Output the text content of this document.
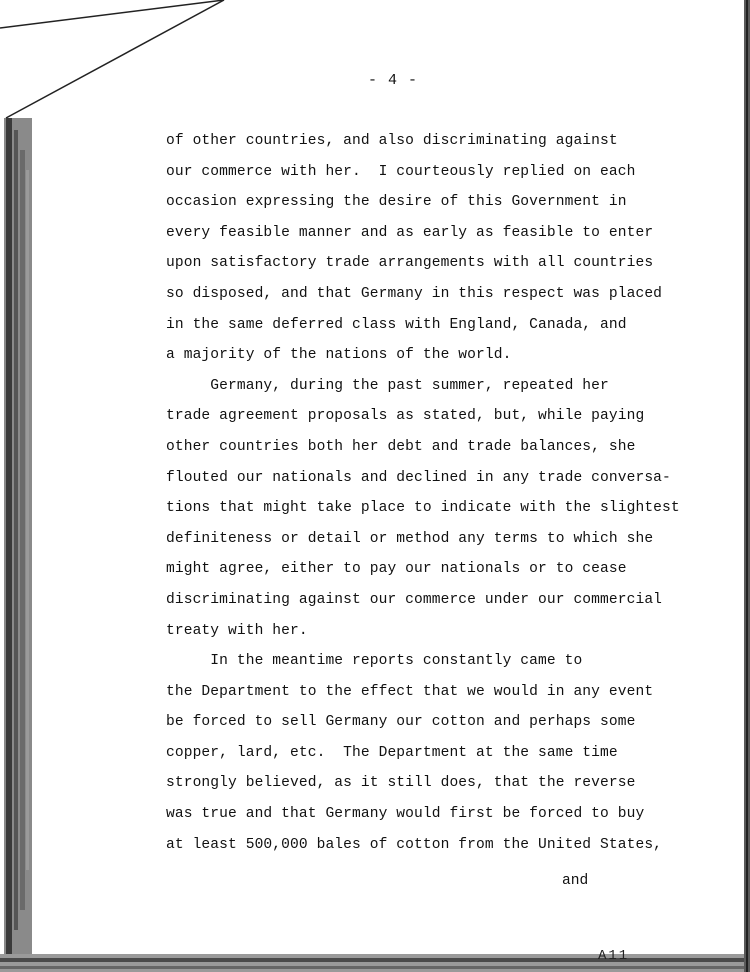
- 4 -
of other countries, and also discriminating against
our commerce with her.  I courteously replied on each
occasion expressing the desire of this Government in
every feasible manner and as early as feasible to enter
upon satisfactory trade arrangements with all countries
so disposed, and that Germany in this respect was placed
in the same deferred class with England, Canada, and
a majority of the nations of the world.
Germany, during the past summer, repeated her
trade agreement proposals as stated, but, while paying
other countries both her debt and trade balances, she
flouted our nationals and declined in any trade conversa-
tions that might take place to indicate with the slightest
definiteness or detail or method any terms to which she
might agree, either to pay our nationals or to cease
discriminating against our commerce under our commercial
treaty with her.
In the meantime reports constantly came to
the Department to the effect that we would in any event
be forced to sell Germany our cotton and perhaps some
copper, lard, etc.  The Department at the same time
strongly believed, as it still does, that the reverse
was true and that Germany would first be forced to buy
at least 500,000 bales of cotton from the United States,
and
A11
